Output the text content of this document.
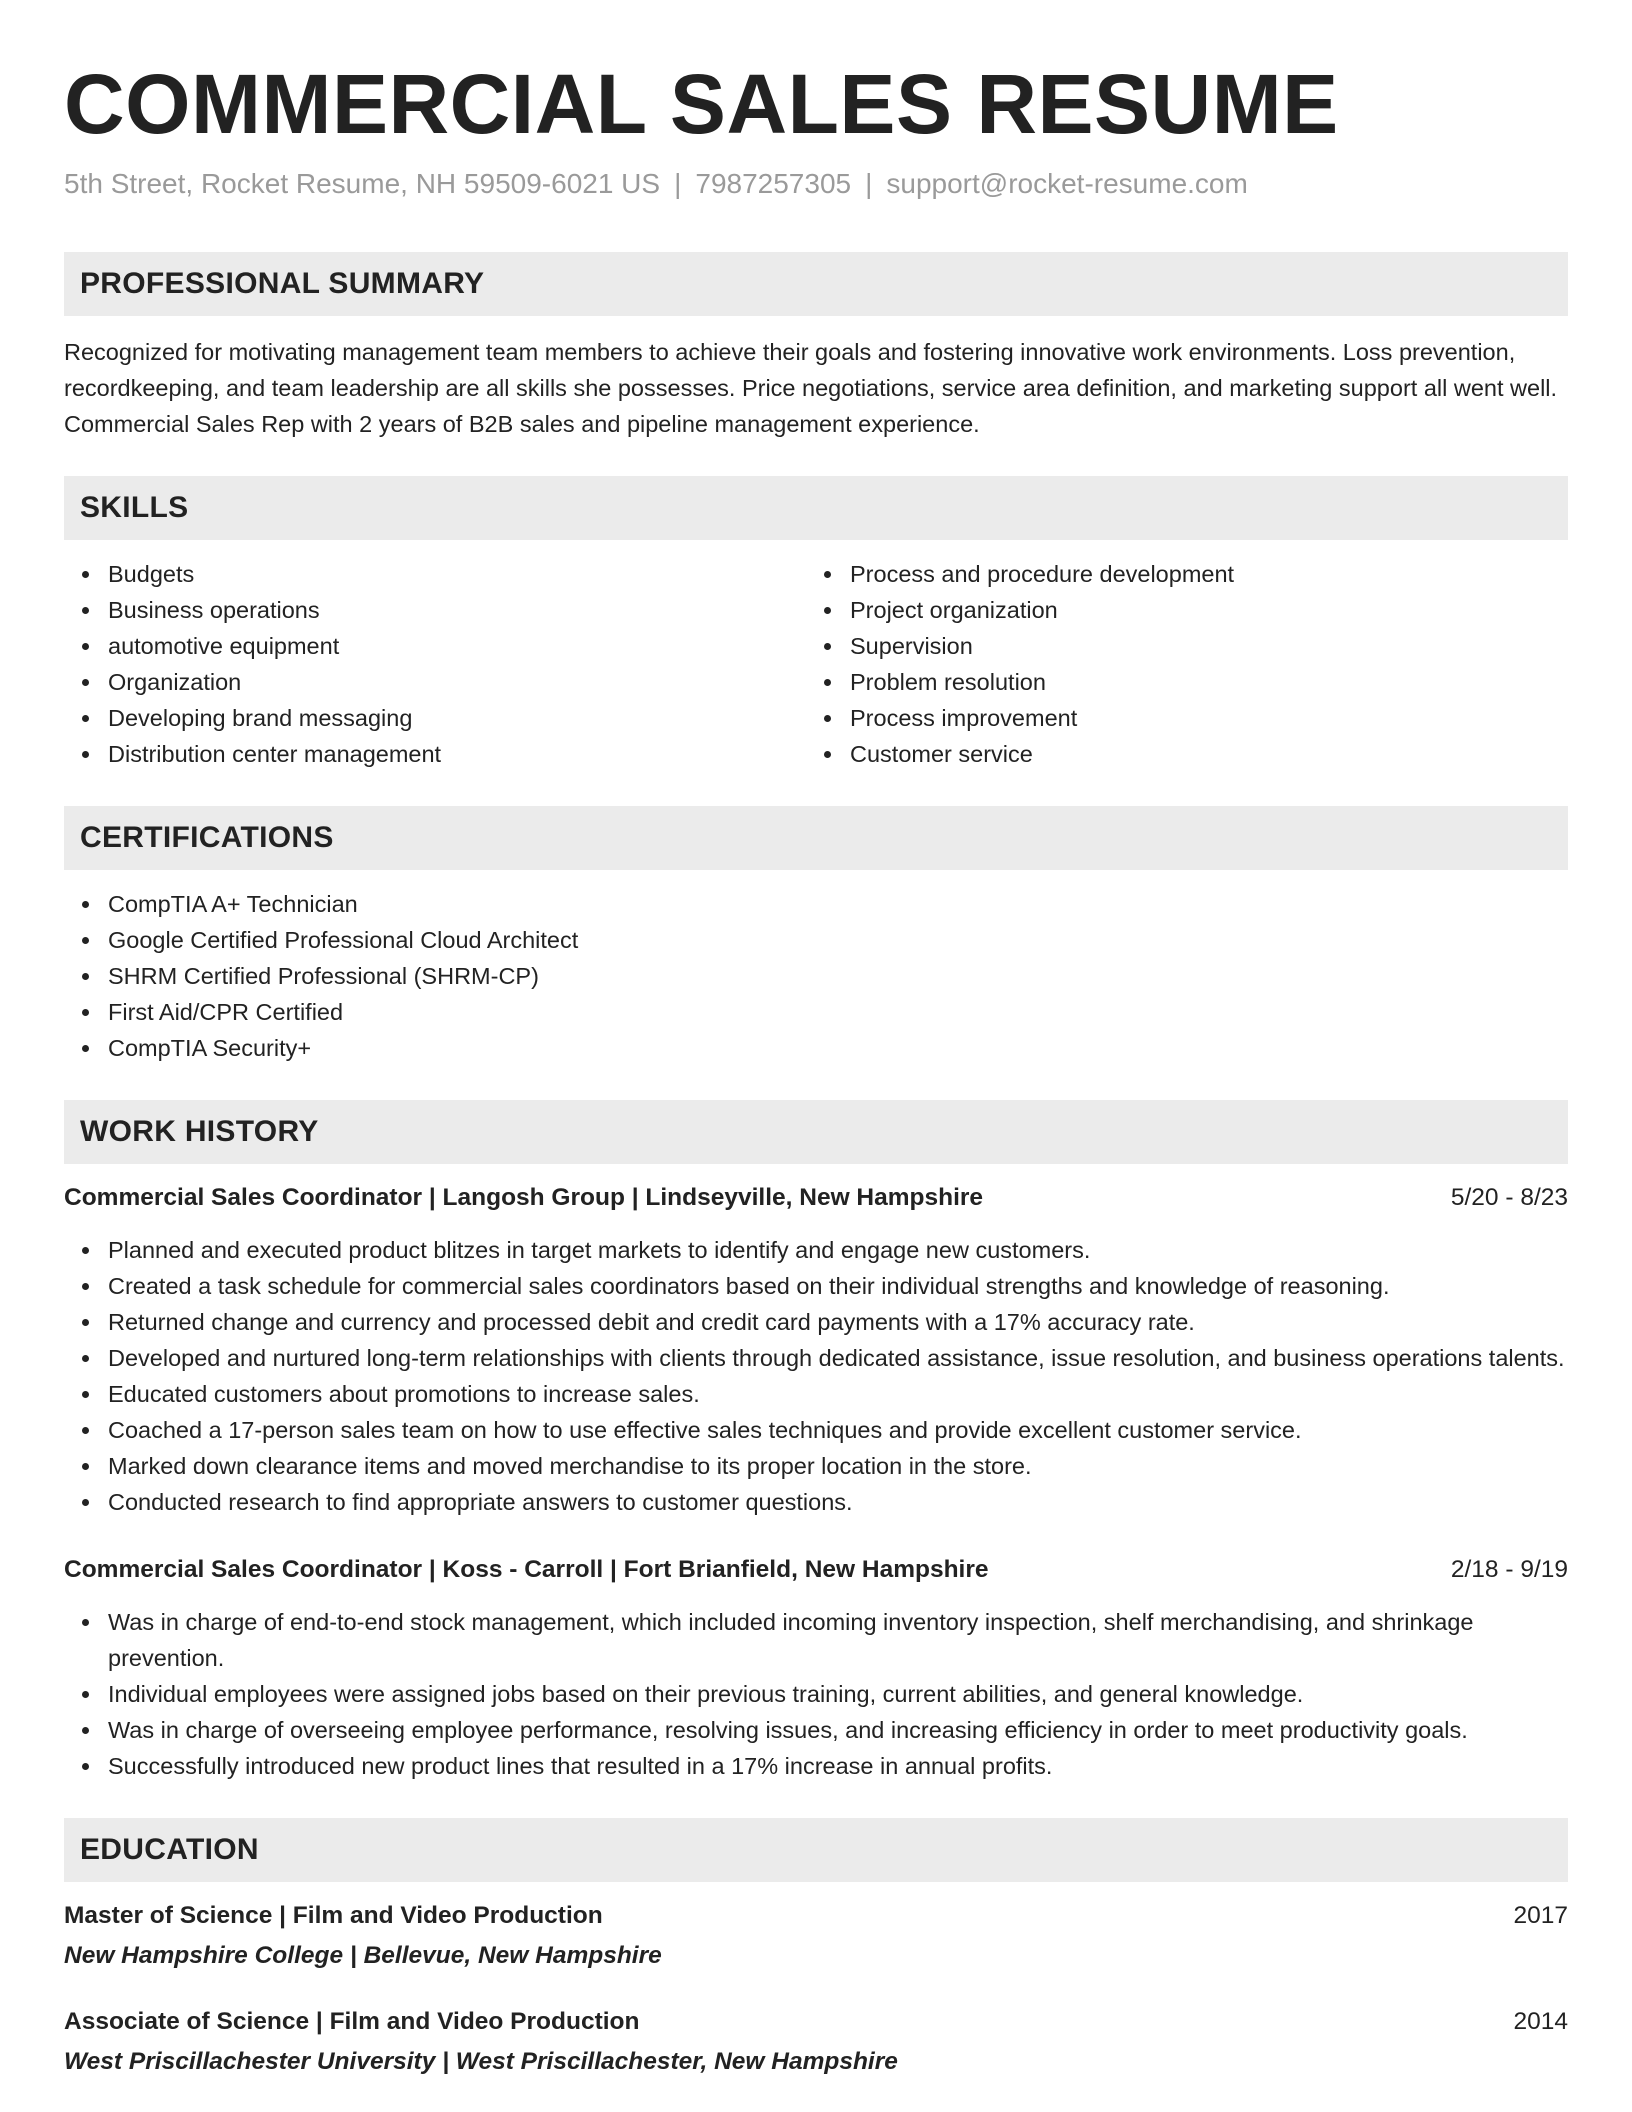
COMMERCIAL SALES RESUME
5th Street, Rocket Resume, NH 59509-6021 US | 7987257305 | support@rocket-resume.com
PROFESSIONAL SUMMARY

Recognized for motivating management team members to achieve their goals and fostering innovative work environments. Loss prevention, recordkeeping, and team leadership are all skills she possesses. Price negotiations, service area definition, and marketing support all went well. Commercial Sales Rep with 2 years of B2B sales and pipeline management experience.

SKILLS
Budgets
Business operations
automotive equipment
Organization
Developing brand messaging
Distribution center management
Process and procedure development
Project organization
Supervision
Problem resolution
Process improvement
Customer service
CERTIFICATIONS
CompTIA A+ Technician
Google Certified Professional Cloud Architect
SHRM Certified Professional (SHRM-CP)
First Aid/CPR Certified
CompTIA Security+
WORK HISTORY
Commercial Sales Coordinator | Langosh Group | Lindseyville, New Hampshire	5/20 - 8/23
Planned and executed product blitzes in target markets to identify and engage new customers.
Created a task schedule for commercial sales coordinators based on their individual strengths and knowledge of reasoning.
Returned change and currency and processed debit and credit card payments with a 17% accuracy rate.
Developed and nurtured long-term relationships with clients through dedicated assistance, issue resolution, and business operations talents.
Educated customers about promotions to increase sales.
Coached a 17-person sales team on how to use effective sales techniques and provide excellent customer service.
Marked down clearance items and moved merchandise to its proper location in the store.
Conducted research to find appropriate answers to customer questions.
Commercial Sales Coordinator | Koss - Carroll | Fort Brianfield, New Hampshire	2/18 - 9/19
Was in charge of end-to-end stock management, which included incoming inventory inspection, shelf merchandising, and shrinkage prevention.
Individual employees were assigned jobs based on their previous training, current abilities, and general knowledge.
Was in charge of overseeing employee performance, resolving issues, and increasing efficiency in order to meet productivity goals.
Successfully introduced new product lines that resulted in a 17% increase in annual profits.
EDUCATION
Master of Science | Film and Video Production	2017
New Hampshire College | Bellevue, New Hampshire
Associate of Science | Film and Video Production	2014
West Priscillachester University | West Priscillachester, New Hampshire
